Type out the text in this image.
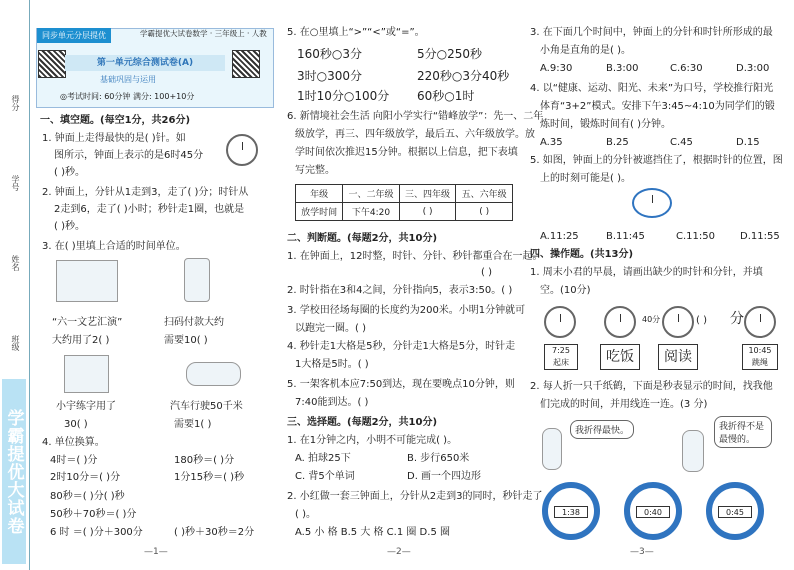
得分
学号
姓名
班级
学霸提优大试卷
同步单元分层提优	学霸提优大试卷数学 · 三年级上 · 人教
第一单元综合测试卷(A)
基础巩固与运用
◎考试时间: 60分钟 满分: 100+10分
一、填空题。(每空1分，共26分)
1. 钟面上走得最快的是( )针。如
图所示，钟面上表示的是6时45分
( )秒。
2. 钟面上，分针从1走到3，走了( )分；时针从
2走到6，走了( )小时；秒针走1圈，也就是
( )秒。
3. 在( )里填上合适的时间单位。
“六一文艺汇演”
大约用了2( )
扫码付款大约
需要10( )
小宇练字用了
30( )
汽车行驶50千米
需要1( )
4. 单位换算。
4时＝( )分	180秒＝( )分
2时10分＝( )分	1分15秒＝( )秒
80秒＝( )分( )秒
50秒＋70秒＝( )分
6 时 ＝( )分＋300分	( )秒＋30秒＝2分
—1—
5. 在○里填上“>”“<”或“=”。
160秒○3分	5分○250秒
3时○300分	220秒○3分40秒
1时10分○100分 60秒○1时
6. 新情境社会生活 向阳小学实行“错峰放学”：先一、二年
级放学，再三、四年级放学，最后五、六年级放学。放
学时间依次推迟15分钟。根据以上信息，把下表填
写完整。
年级	一、二年级	三、四年级	五、六年级
放学时间	下午4:20	( )	( )
二、判断题。(每题2分，共10分)
1. 在钟面上，12时整，时针、分针、秒针都重合在一起。
( )
2. 时针指在3和4之间，分针指向5，表示3:50。( )
3. 学校田径场每圈的长度约为200米。小明1分钟就可
以跑完一圈。( )
4. 秒针走1大格是5秒，分针走1大格是5分，时针走
1大格是5时。( )
5. 一架客机本应7:50到达，现在要晚点10分钟，则
7:40能到达。( )
三、选择题。(每题2分，共10分)
1. 在1分钟之内，小明不可能完成( )。
A. 拍球25下	B. 步行650米
C. 背5个单词	D. 画一个四边形
2. 小红做一套三钟面上，分针从2走到3的同时，秒针走了
( )。
A.5 小 格 B.5 大 格 C.1 圈 D.5 圈
—2—
3. 在下面几个时间中，钟面上的分针和时针所形成的最
小角是直角的是( )。
A.9:30	B.3:00	C.6:30	D.3:00
4. 以“健康、运动、阳光、未来”为口号，学校推行阳光
体育“3+2”模式。安排下午3:45~4:10为同学们的锻
炼时间，锻炼时间有( )分钟。
A.35	B.25	C.45	D.15
5. 如图，钟面上的分针被遮挡住了，根据时针的位置，图
上的时刻可能是( )。
A.11:25	B.11:45	C.11:50	D.11:55
四、操作题。(共13分)
1. 周末小君的早晨，请画出缺少的时针和分针，并填
空。(10分)
40分	( ) 分
7:25
起床	吃饭	阅读	10:45
跳绳
2. 每人折一只千纸鹤，下面是秒表显示的时间，找我他
们完成的时间，并用线连一连。(3 分)
我折得最快。	我折得不是最慢的。
1:38	0:40	0:45
—3—
